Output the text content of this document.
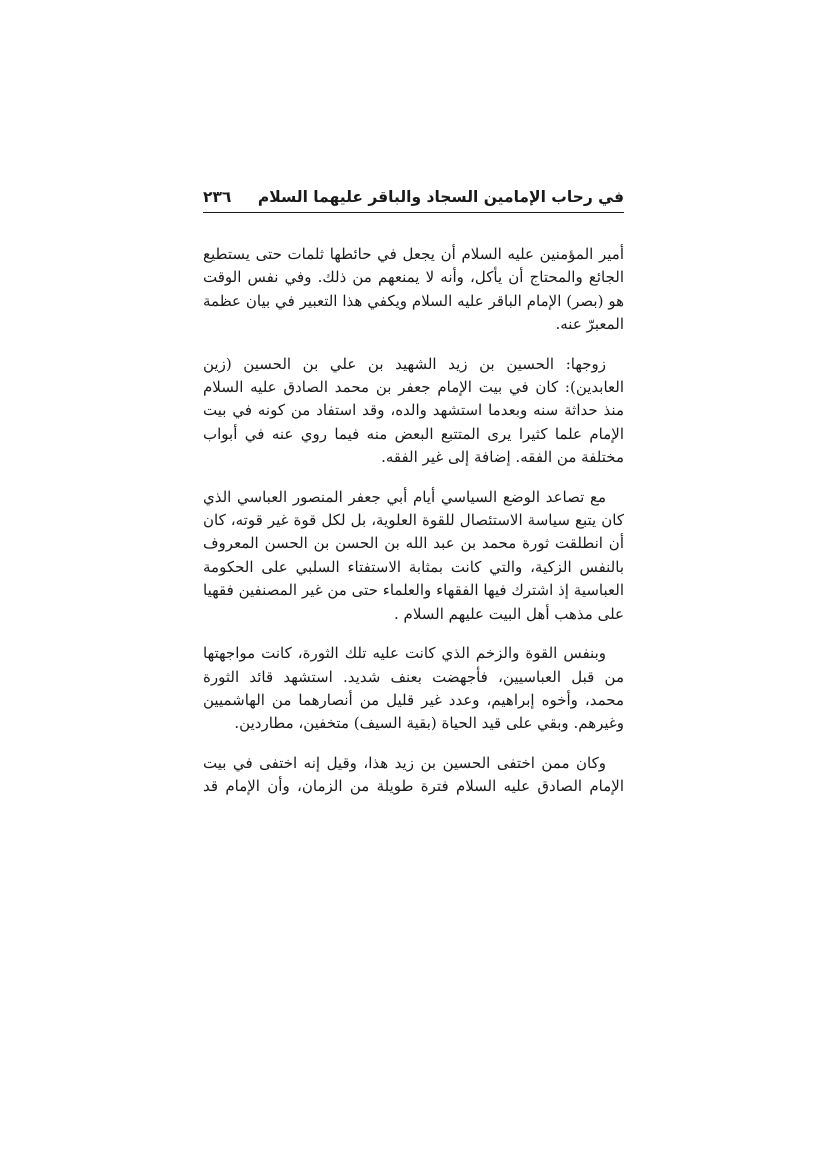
في رحاب الإمامين السجاد والباقر ﻋﻠﻴﻬﻤﺎ ﺍﻟﺴﻼﻡ
٢٣٦

أمير المؤمنين عليه السلام أن يجعل في حائطها ثلمات حتى يستطيع الجائع والمحتاج أن يأكل، وأنه لا يمنعهم من ذلك. وفي نفس الوقت هو (بصر) الإمام الباقر عليه السلام ويكفي هذا التعبير في بيان عظمة المعبرّ عنه.

زوجها: الحسين بن زيد الشهيد بن علي بن الحسين (زين العابدين): كان في بيت الإمام جعفر بن محمد الصادق عليه السلام منذ حداثة سنه وبعدما استشهد والده، وقد استفاد من كونه في بيت الإمام علما كثيرا يرى المتتبع البعض منه فيما روي عنه في أبواب مختلفة من الفقه. إضافة إلى غير الفقه.

مع تصاعد الوضع السياسي أيام أبي جعفر المنصور العباسي الذي كان يتبع سياسة الاستئصال للقوة العلوية، بل لكل قوة غير قوته، كان أن انطلقت ثورة محمد بن عبد الله بن الحسن بن الحسن المعروف بالنفس الزكية، والتي كانت بمثابة الاستفتاء السلبي على الحكومة العباسية إذ اشترك فيها الفقهاء والعلماء حتى من غير المصنفين فقهيا على مذهب أهل البيت عليهم السلام .

وبنفس القوة والزخم الذي كانت عليه تلك الثورة، كانت مواجهتها من قبل العباسيين، فأجهضت بعنف شديد. استشهد قائد الثورة محمد، وأخوه إبراهيم، وعدد غير قليل من أنصارهما من الهاشميين وغيرهم. وبقي على قيد الحياة (بقية السيف) متخفين، مطاردين.

وكان ممن اختفى الحسين بن زيد هذا، وقيل إنه اختفى في بيت الإمام الصادق عليه السلام فترة طويلة من الزمان، وأن الإمام قد
